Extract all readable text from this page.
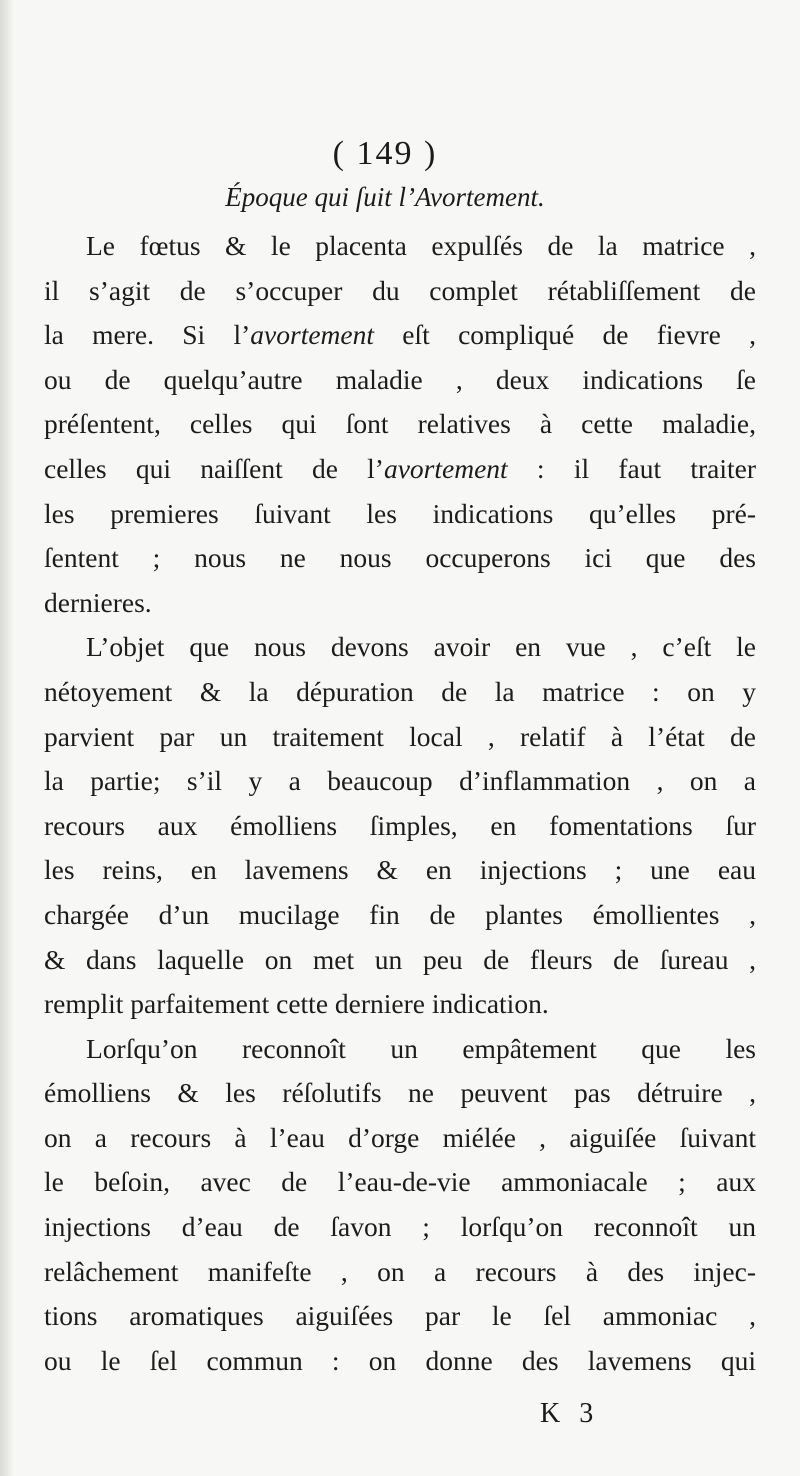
( 149 )
Époque qui ſuit l’Avortement.
Le fœtus & le placenta expulſés de la matrice ,
il s’agit de s’occuper du complet rétabliſſement de
la mere. Si l’avortement eſt compliqué de fievre ,
ou de quelqu’autre maladie , deux indications ſe
préſentent, celles qui ſont relatives à cette maladie,
celles qui naiſſent de l’avortement : il faut traiter
les premieres ſuivant les indications qu’elles pré-
ſentent ; nous ne nous occuperons ici que des
dernieres.
L’objet que nous devons avoir en vue , c’eſt le
nétoyement & la dépuration de la matrice : on y
parvient par un traitement local , relatif à l’état de
la partie; s’il y a beaucoup d’inflammation , on a
recours aux émolliens ſimples, en fomentations ſur
les reins, en lavemens & en injections ; une eau
chargée d’un mucilage fin de plantes émollientes ,
& dans laquelle on met un peu de fleurs de ſureau ,
remplit parfaitement cette derniere indication.
Lorſqu’on reconnoît un empâtement que les
émolliens & les réſolutifs ne peuvent pas détruire ,
on a recours à l’eau d’orge miélée , aiguiſée ſuivant
le beſoin, avec de l’eau-de-vie ammoniacale ; aux
injections d’eau de ſavon ; lorſqu’on reconnoît un
relâchement manifeſte , on a recours à des injec-
tions aromatiques aiguiſées par le ſel ammoniac ,
ou le ſel commun : on donne des lavemens qui
K 3
